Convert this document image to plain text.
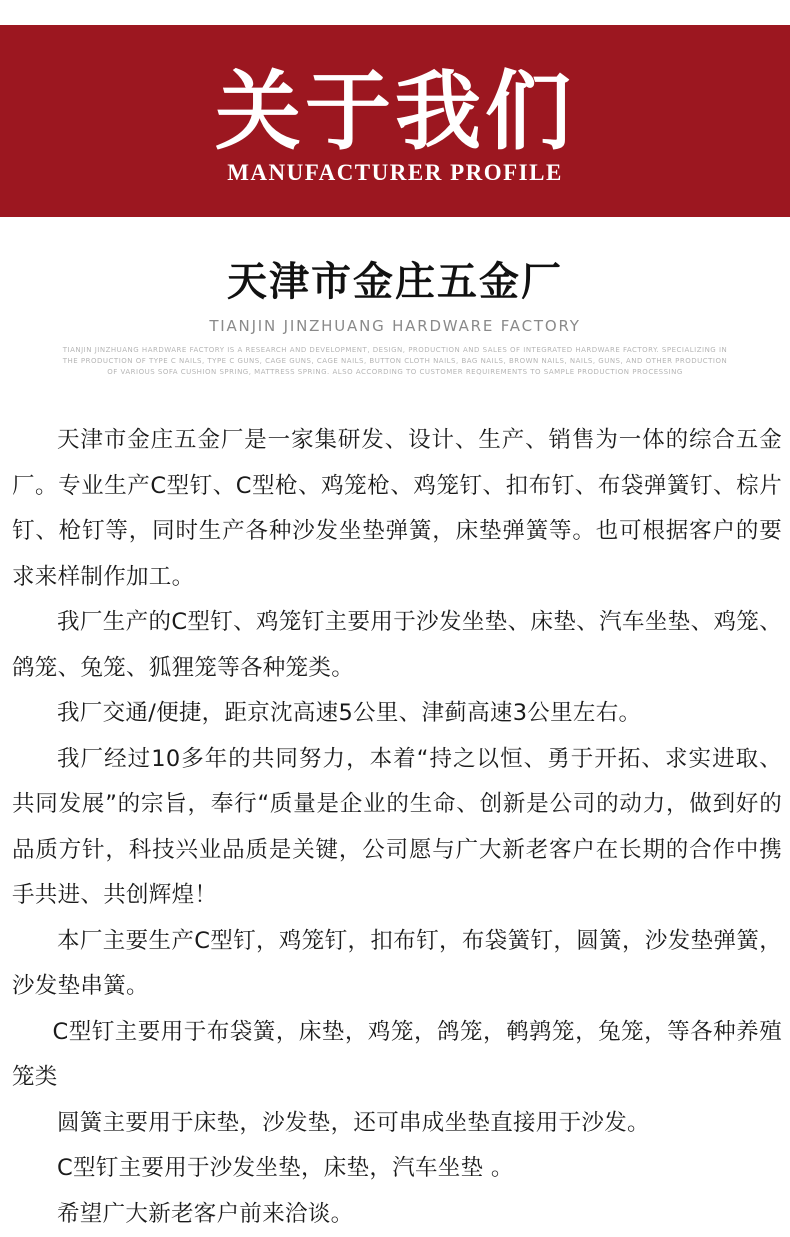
关于我们
MANUFACTURER PROFILE
天津市金庄五金厂
TIANJIN JINZHUANG HARDWARE FACTORY
TIANJIN JINZHUANG HARDWARE FACTORY IS A RESEARCH AND DEVELOPMENT, DESIGN, PRODUCTION AND SALES OF INTEGRATED HARDWARE FACTORY. SPECIALIZING IN THE PRODUCTION OF TYPE C NAILS, TYPE C GUNS, CAGE GUNS, CAGE NAILS, BUTTON CLOTH NAILS, BAG NAILS, BROWN NAILS, NAILS, GUNS, AND OTHER PRODUCTION OF VARIOUS SOFA CUSHION SPRING, MATTRESS SPRING. ALSO ACCORDING TO CUSTOMER REQUIREMENTS TO SAMPLE PRODUCTION PROCESSING

天津市金庄五金厂是一家集研发、设计、生产、销售为一体的综合五金厂。专业生产C型钉、C型枪、鸡笼枪、鸡笼钉、扣布钉、布袋弹簧钉、棕片钉、枪钉等，同时生产各种沙发坐垫弹簧，床垫弹簧等。也可根据客户的要求来样制作加工。

我厂生产的C型钉、鸡笼钉主要用于沙发坐垫、床垫、汽车坐垫、鸡笼、鸽笼、兔笼、狐狸笼等各种笼类。

我厂交通/便捷，距京沈高速5公里、津蓟高速3公里左右。

我厂经过10多年的共同努力，本着“持之以恒、勇于开拓、求实进取、共同发展”的宗旨，奉行“质量是企业的生命、创新是公司的动力，做到好的品质方针，科技兴业品质是关键，公司愿与广大新老客户在长期的合作中携手共进、共创辉煌！

本厂主要生产C型钉，鸡笼钉，扣布钉，布袋簧钉，圆簧，沙发垫弹簧，沙发垫串簧。

C型钉主要用于布袋簧，床垫，鸡笼，鸽笼，鹌鹑笼，兔笼，等各种养殖笼类

圆簧主要用于床垫，沙发垫，还可串成坐垫直接用于沙发。

C型钉主要用于沙发坐垫，床垫，汽车坐垫 。

希望广大新老客户前来洽谈。
